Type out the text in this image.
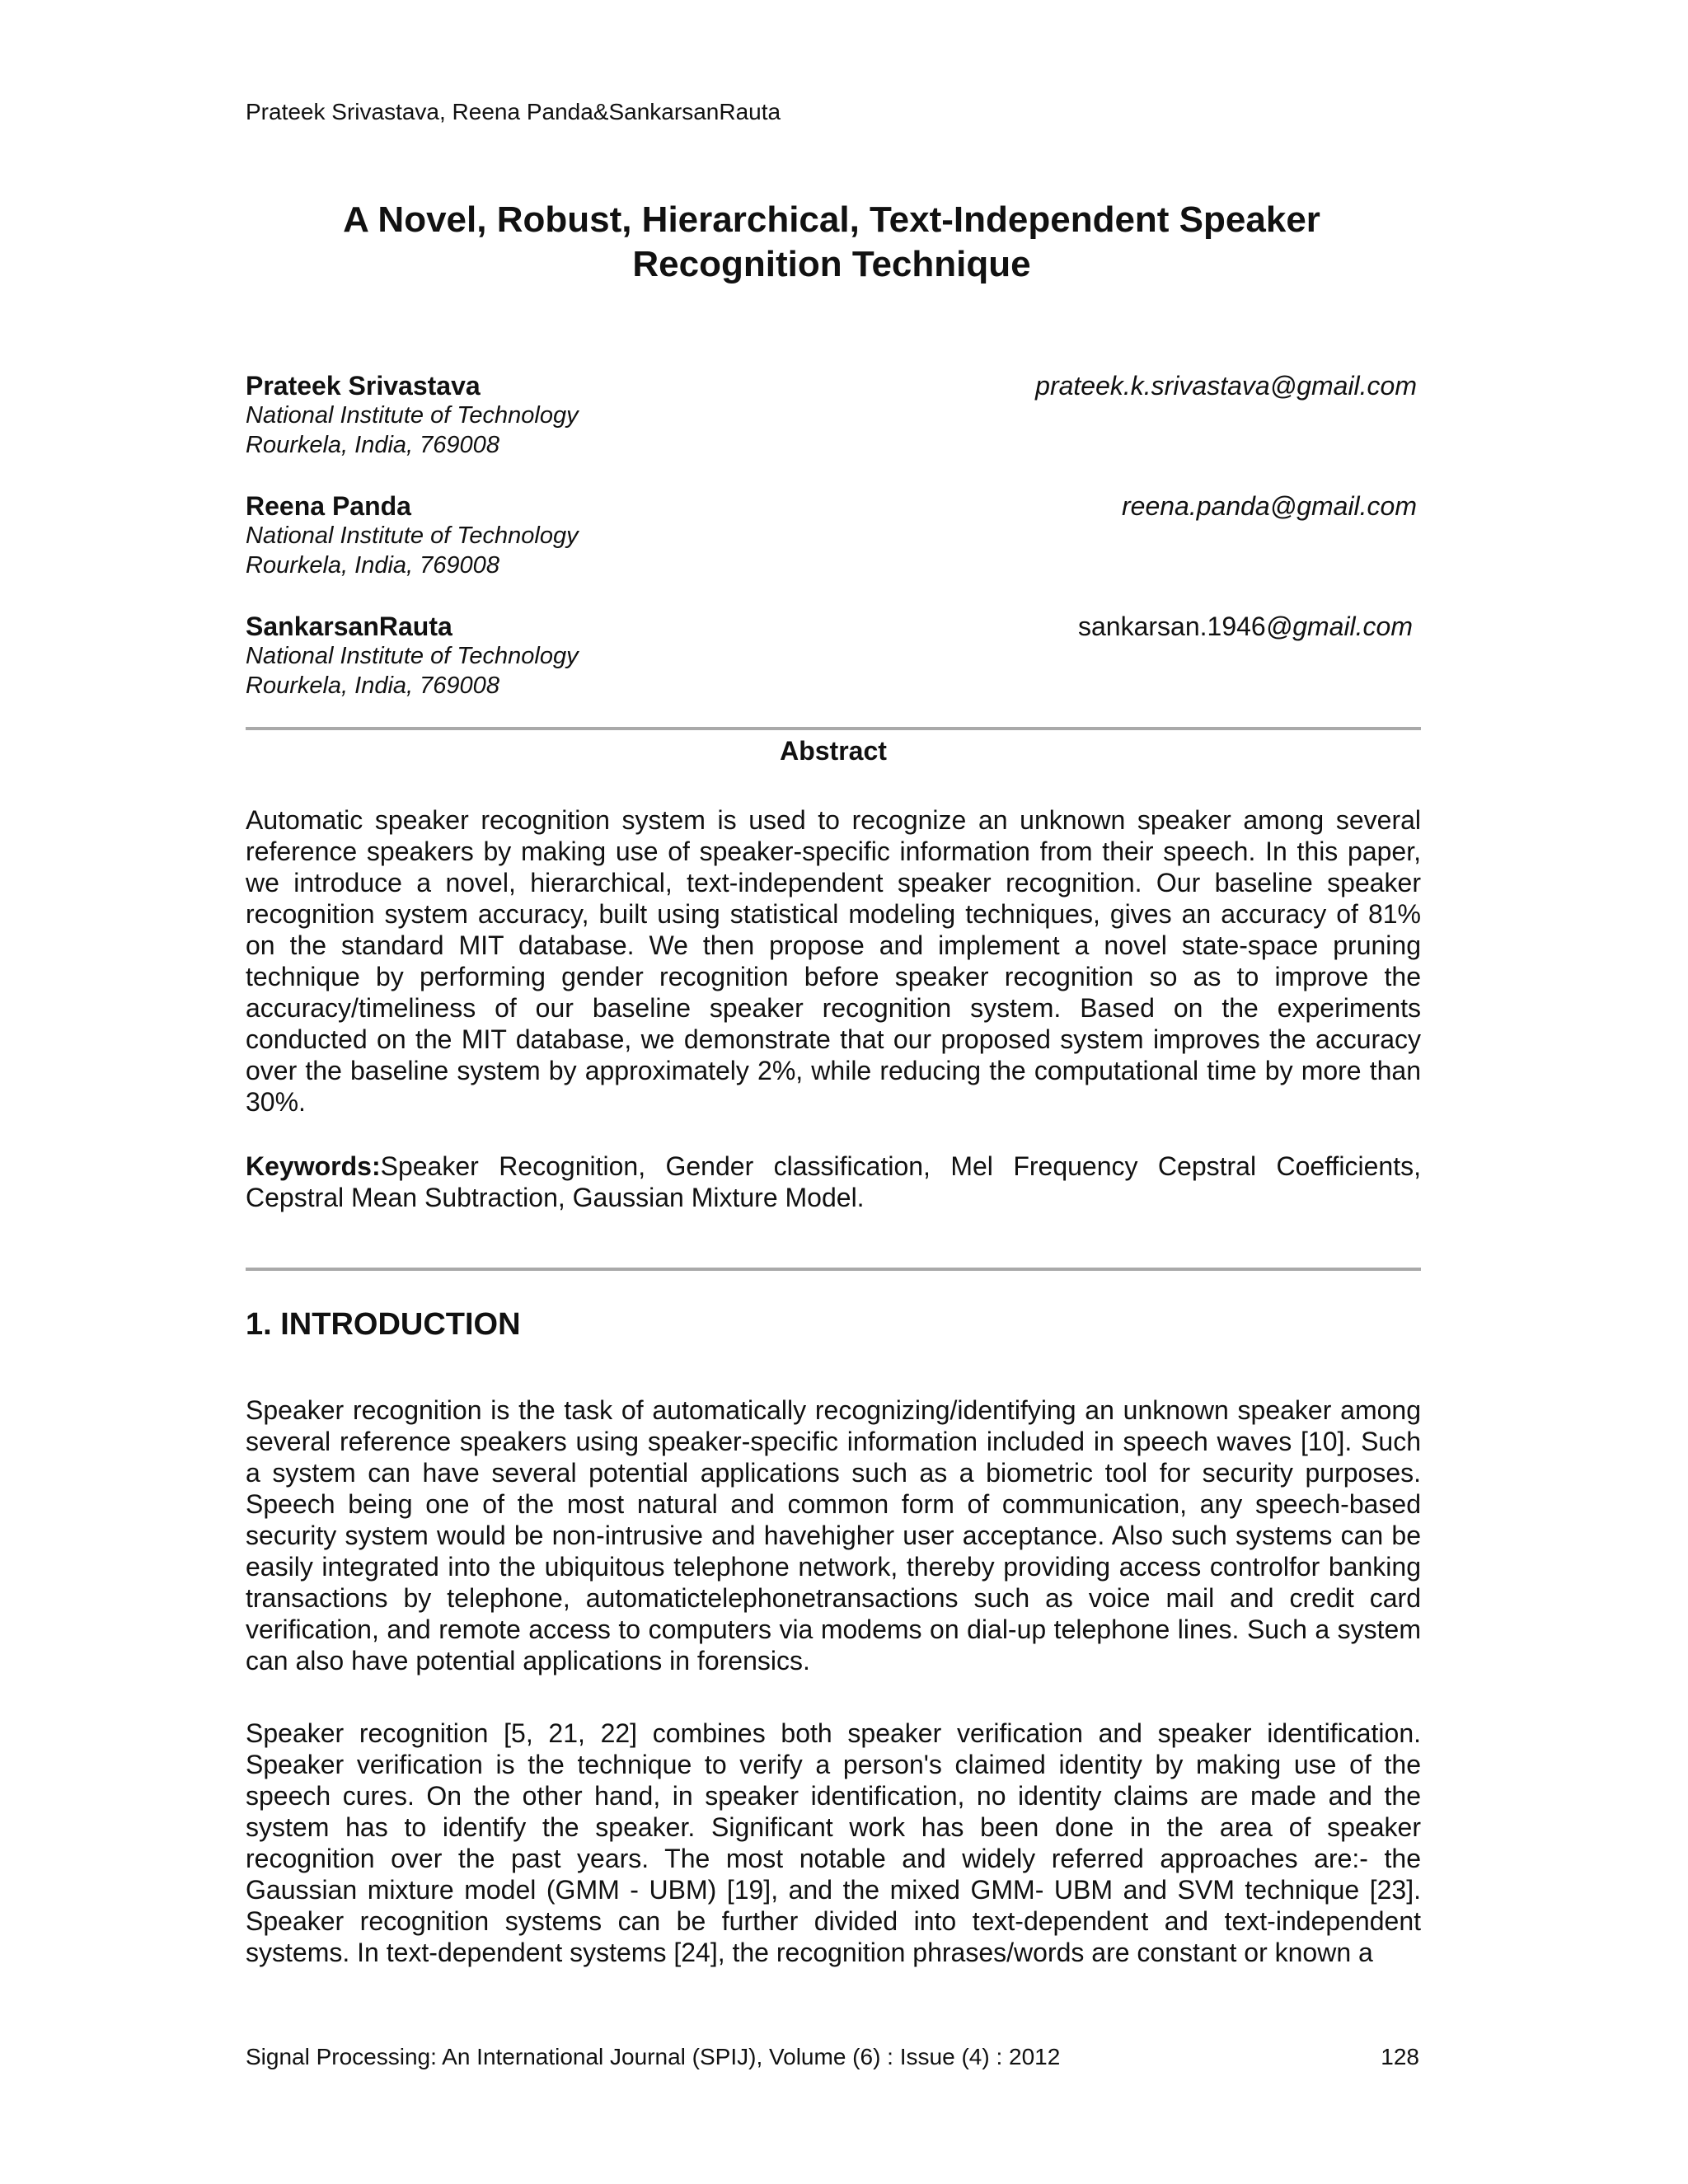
Prateek Srivastava, Reena Panda&SankarsanRauta
A Novel, Robust, Hierarchical, Text-Independent Speaker
Recognition Technique
Prateek Srivastava
National Institute of Technology
Rourkela, India, 769008
prateek.k.srivastava@gmail.com
Reena Panda
National Institute of Technology
Rourkela, India, 769008
reena.panda@gmail.com
SankarsanRauta
National Institute of Technology
Rourkela, India, 769008
sankarsan.1946@gmail.com
Abstract
Automatic speaker recognition system is used to recognize an unknown speaker among several reference speakers by making use of speaker-specific information from their speech. In this paper, we introduce a novel, hierarchical, text-independent speaker recognition. Our baseline speaker recognition system accuracy, built using statistical modeling techniques, gives an accuracy of 81% on the standard MIT database. We then propose and implement a novel state-space pruning technique by performing gender recognition before speaker recognition so as to improve the accuracy/timeliness of our baseline speaker recognition system. Based on the experiments conducted on the MIT database, we demonstrate that our proposed system improves the accuracy over the baseline system by approximately 2%, while reducing the computational time by more than 30%.
Keywords:Speaker Recognition, Gender classification, Mel Frequency Cepstral Coefficients, Cepstral Mean Subtraction, Gaussian Mixture Model.
1. INTRODUCTION
Speaker recognition is the task of automatically recognizing/identifying an unknown speaker among several reference speakers using speaker-specific information included in speech waves [10]. Such a system can have several potential applications such as a biometric tool for security purposes. Speech being one of the most natural and common form of communication, any speech-based security system would be non-intrusive and havehigher user acceptance. Also such systems can be easily integrated into the ubiquitous telephone network, thereby providing access controlfor banking transactions by telephone, automatictelephonetransactions such as voice mail and credit card verification, and remote access to computers via modems on dial-up telephone lines. Such a system can also have potential applications in forensics.
Speaker recognition [5, 21, 22] combines both speaker verification and speaker identification. Speaker verification is the technique to verify a person's claimed identity by making use of the speech cures. On the other hand, in speaker identification, no identity claims are made and the system has to identify the speaker. Significant work has been done in the area of speaker recognition over the past years. The most notable and widely referred approaches are:- the Gaussian mixture model (GMM - UBM) [19], and the mixed GMM- UBM and SVM technique [23]. Speaker recognition systems can be further divided into text-dependent and text-independent systems. In text-dependent systems [24], the recognition phrases/words are constant or known a
Signal Processing: An International Journal (SPIJ), Volume (6) : Issue (4) : 2012	128
